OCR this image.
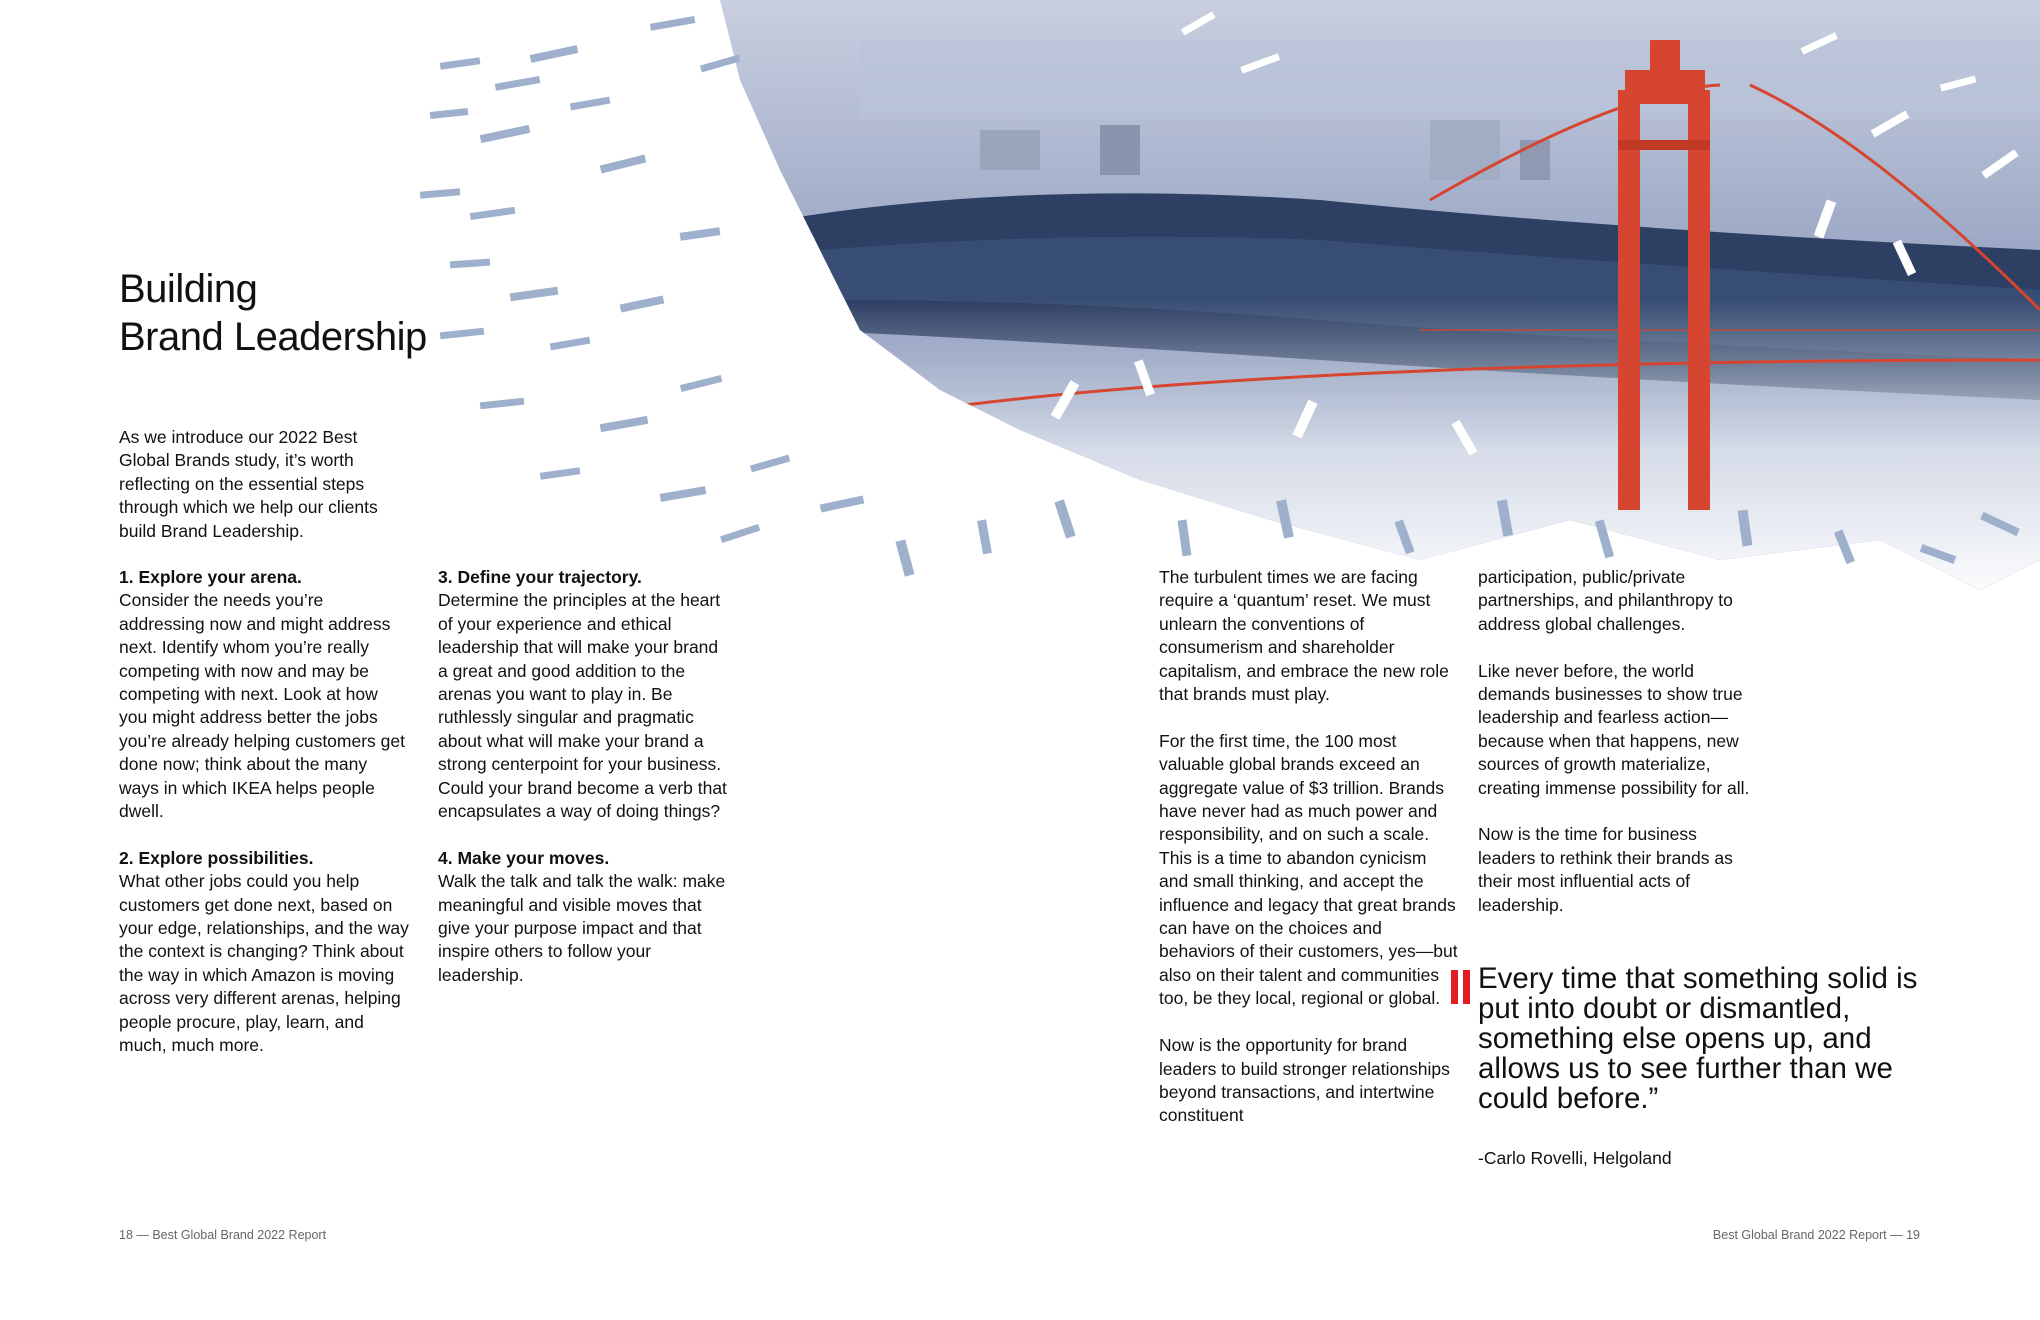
Building
Brand Leadership

As we introduce our 2022 Best Global Brands study, it’s worth reflecting on the essential steps through which we help our clients build Brand Leadership.

1. Explore your arena.
Consider the needs you’re addressing now and might address next. Identify whom you’re really competing with now and may be competing with next. Look at how you might address better the jobs you’re already helping customers get done now; think about the many ways in which IKEA helps people dwell.

2. Explore possibilities.
What other jobs could you help customers get done next, based on your edge, relationships, and the way the context is changing? Think about the way in which Amazon is moving across very different arenas, helping people procure, play, learn, and much, much more.

3. Define your trajectory.
Determine the principles at the heart of your experience and ethical leadership that will make your brand a great and good addition to the arenas you want to play in. Be ruthlessly singular and pragmatic about what will make your brand a strong centerpoint for your business. Could your brand become a verb that encapsulates a way of doing things?

4. Make your moves.
Walk the talk and talk the walk: make meaningful and visible moves that give your purpose impact and that inspire others to follow your leadership.

The turbulent times we are facing require a ‘quantum’ reset. We must unlearn the conventions of consumerism and shareholder capitalism, and embrace the new role that brands must play.

For the first time, the 100 most valuable global brands exceed an aggregate value of $3 trillion. Brands have never had as much power and responsibility, and on such a scale. This is a time to abandon cynicism and small thinking, and accept the influence and legacy that great brands can have on the choices and behaviors of their customers, yes—but also on their talent and communities too, be they local, regional or global.

Now is the opportunity for brand leaders to build stronger relationships beyond transactions, and intertwine constituent

participation, public/private partnerships, and philanthropy to address global challenges.

Like never before, the world demands businesses to show true leadership and fearless action—because when that happens, new sources of growth materialize, creating immense possibility for all.

Now is the time for business leaders to rethink their brands as their most influential acts of leadership.

Every time that something solid is put into doubt or dismantled, something else opens up, and allows us to see further than we could before.”

-Carlo Rovelli, Helgoland
18 — Best Global Brand 2022 Report	Best Global Brand 2022 Report — 19
